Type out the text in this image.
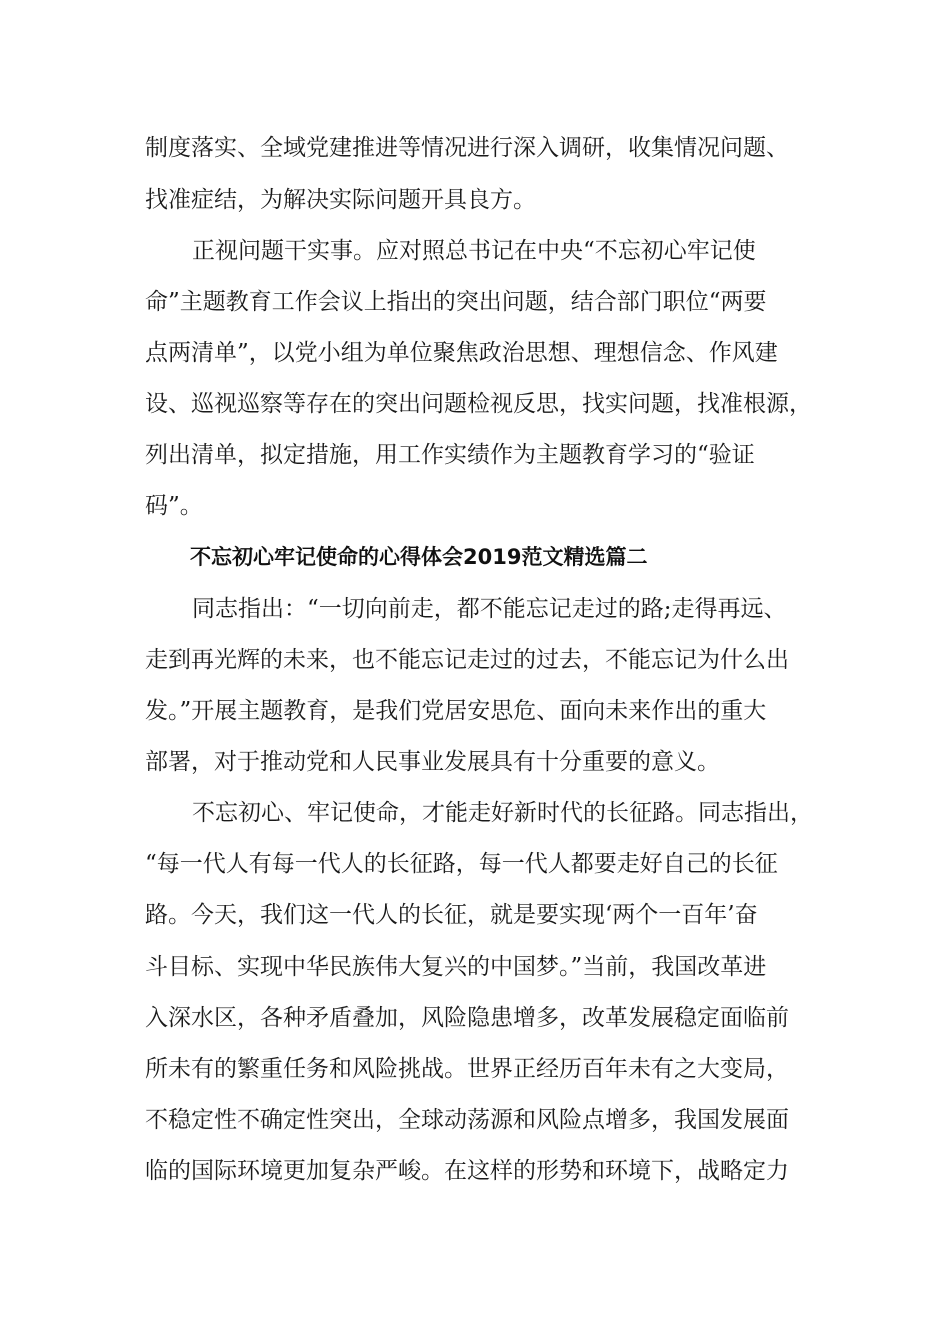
制度落实、全域党建推进等情况进行深入调研，收集情况问题、
找准症结，为解决实际问题开具良方。
正视问题干实事。应对照总书记在中央“不忘初心牢记使
命”主题教育工作会议上指出的突出问题，结合部门职位“两要
点两清单”，以党小组为单位聚焦政治思想、理想信念、作风建
设、巡视巡察等存在的突出问题检视反思，找实问题，找准根源，
列出清单，拟定措施，用工作实绩作为主题教育学习的“验证
码”。
不忘初心牢记使命的心得体会2019范文精选篇二
同志指出：“一切向前走，都不能忘记走过的路;走得再远、
走到再光辉的未来，也不能忘记走过的过去，不能忘记为什么出
发。”开展主题教育，是我们党居安思危、面向未来作出的重大
部署，对于推动党和人民事业发展具有十分重要的意义。
不忘初心、牢记使命，才能走好新时代的长征路。同志指出，
“每一代人有每一代人的长征路，每一代人都要走好自己的长征
路。今天，我们这一代人的长征，就是要实现‘两个一百年’奋
斗目标、实现中华民族伟大复兴的中国梦。”当前，我国改革进
入深水区，各种矛盾叠加，风险隐患增多，改革发展稳定面临前
所未有的繁重任务和风险挑战。世界正经历百年未有之大变局，
不稳定性不确定性突出，全球动荡源和风险点增多，我国发展面
临的国际环境更加复杂严峻。在这样的形势和环境下，战略定力
